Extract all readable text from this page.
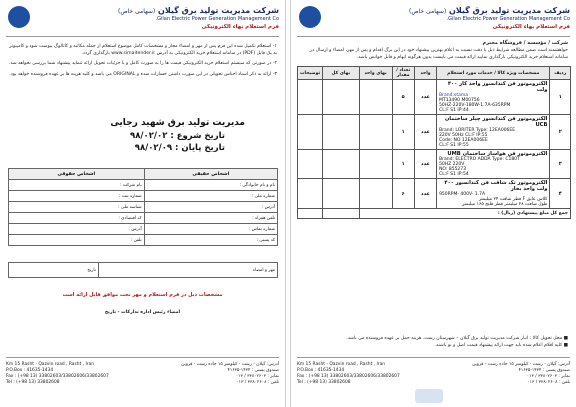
شرکت مدیریت تولید برق گیلان (سهامی خاص)
Gilan Electric Power Generation Management Co.
فرم استعلام بهاء الکترونیکی
۱- استعلام تکمیل شده این فرم پس از مهر و امضاء مجاز و مشخصات کامل موضوع استعلام از جمله مکاتبه و کاتالوگ پیوست شود و کامپیوتر به یک فایل (PDF) در سامانه استعلام خرید الکترونیکی به آدرس www.simaitender.ir بارگذاری گردد.
۲- در صورتی که سیستم استعلام خرید الکترونیکی قیمت ها را به صورت کامل و با جزئیات تحویل ارائه ننماید پیشنهاد شما بررسی نخواهد شد.
۳- ارائه به ذکر اسناد اجناس تحویلی در این صورت داشتن خسارات شده و ORIGINAL می باشد و کلیه هزینه ها بر عهده فروشنده خواهد بود.
مدیریت تولید برق شهید رجایی
تاریخ شروع : ۹۸/۰۲/۰۲
تاریخ پایان : ۹۸/۰۲/۰۹
اشخاص حقیقی	اشخاص حقوقی
نام و نام خانوادگی :	نام شرکت :
شماره ملی :	شماره ثبت :
آدرس :	شناسه ملی :
تلفن همراه :	کد اقتصادی :
شماره تماس :	آدرس :
کد پستی :	تلفن :
مهر و امضاء	تاریخ
مشخصات ذیل در فرم استعلام و مهر تحت موافق قابل ارائه است
امضاء رئیس اداره تدارکات - تاریخ
Km 15 Rasht - Qazvin road , Rasht , Iran
P.O.Box : 41635-1434
Fax : (+98 13) 33802603/33802606/33802607
Tel : (+98 13) 33802608
آدرس: گیلان - رشت - کیلومتر ۱۵ جاده رشت - قزوین
صندوق پستی : ۱۴۳۴-۴۱۶۳۵
نمابر : ۳۳۸۰۲۶۰۳ / ۰۱۳
تلفن : ۳۳۸۰۲۶۰۸ / ۰۱۳
شرکت مدیریت تولید برق گیلان (سهامی خاص)
Gilan Electric Power Generation Management Co.
فرم استعلام بهاء الکترونیکی
شرکت / مؤسسه / فروشگاه محترم
خواهشمند است ضمن مطالعه شرایط ذیل با دقت نسبت به اعلام بهترین پیشنهاد خود در این برگ اقدام و پس از مهر، امضاء و ارسال در سامانه استعلام خرید الکترونیکی بارگذاری نمایید ارائه قیمت می بایست بدون هرگونه ابهام و قابل خوانش باشد.
ردیف	مشخصات ویژه کالا / خدمات مورد استعلام	واحد	تعداد / مقدار	بهای واحد	بهای کل	توضیحات
۱	الکتروموتور فن کندانسور واحد کار ۴۰۰ ولت
Brand:stama
MT13490 M00756
50HZ-220V-180W-1.7A-635RPM
CL:F S1 IP:44	عدد	۵			
۲	الکتروموتور فن کندانسور چیلر ساختمان UCB
Brand: LORITER Type: 12EA006EE
220V 50Hz CL:F IP:55
Code: NO 12EA006EE
CL:F S1 IP:55	عدد	۱			
۳	الکتروموتور فن هواساز ساختمان UMB
Brand: ELECTRO ADDA Type: C180T
50HZ 220V
NO: 855273
CL:F S1 IP:54	عدد	۱			
۴	الکتروموتور تک شافت فن کندانسور ۴۰۰ ولت واحد بخار
950RPM- 400V- 1.7A
کلاس عایق F قطر شافت ۲۴ میلیمتر
طول شافت ۲۸ میلیمتر قطر فلنج ۱۶۵ میلیمتر	عدد	۶			
جمع کل مبلغ پیشنهادی (ریال) :						
■ محل تحویل کالا : انبار شرکت مدیریت تولید برق گیلان – شهرستان رشت. هزینه حمل بر عهده فروشنده می باشد.
■ کلیه اقلام اعلام شده باید جهت ارائه پیشنهاد قیمت اصل و نو باشند.
Km 15 Rasht - Qazvin road , Rasht , Iran
P.O.Box : 41635-1434
Fax : (+98 13) 33802603/33802606/33802607
Tel : (+98 13) 33802608
آدرس: گیلان - رشت - کیلومتر ۱۵ جاده رشت - قزوین
صندوق پستی : ۱۴۳۴-۴۱۶۳۵
نمابر : ۳۳۸۰۲۶۰۳ / ۰۱۳
تلفن : ۳۳۸۰۲۶۰۸ / ۰۱۳
